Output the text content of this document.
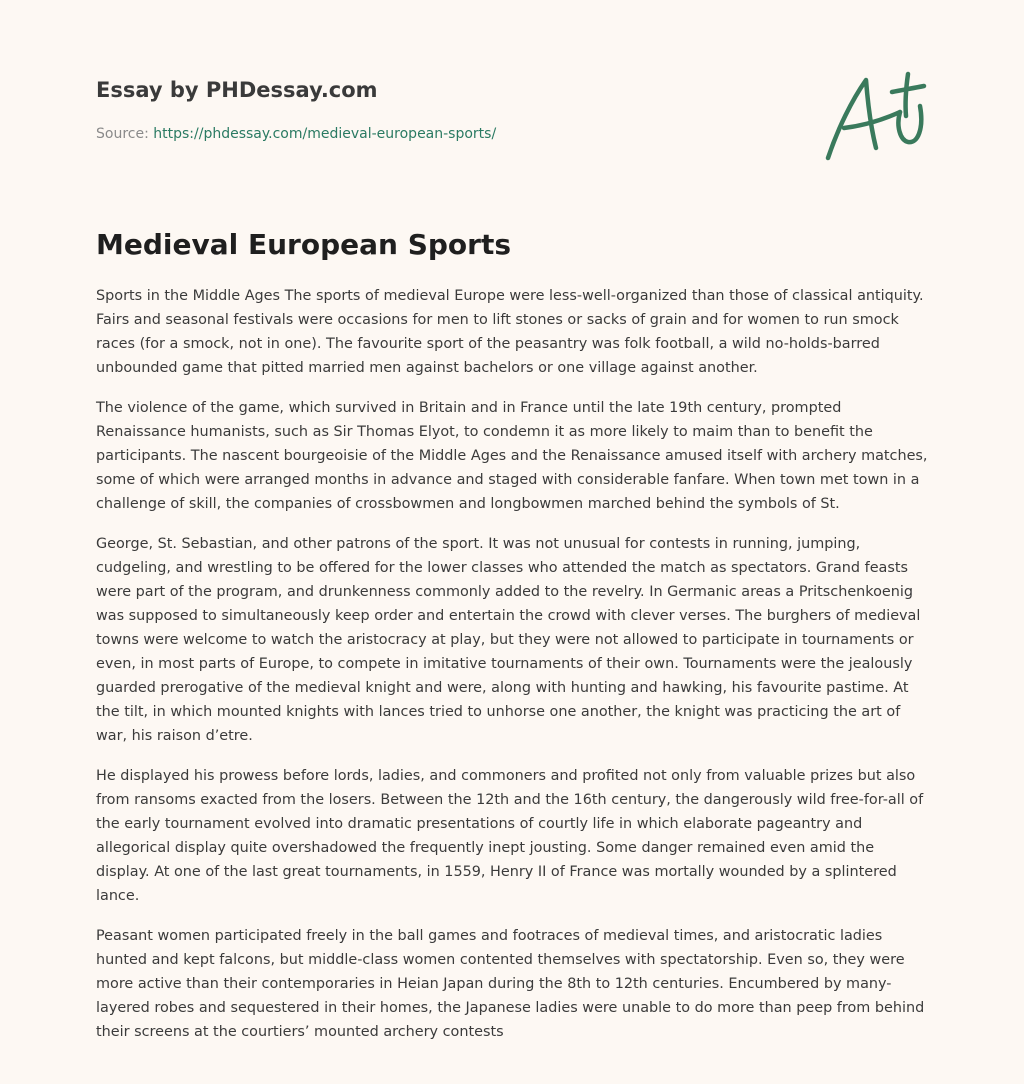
Essay by PHDessay.com

Source: https://phdessay.com/medieval-european-sports/
Medieval European Sports

Sports in the Middle Ages The sports of medieval Europe were less-well-organized than those of classical antiquity. Fairs and seasonal festivals were occasions for men to lift stones or sacks of grain and for women to run smock races (for a smock, not in one). The favourite sport of the peasantry was folk football, a wild no-holds-barred unbounded game that pitted married men against bachelors or one village against another.

The violence of the game, which survived in Britain and in France until the late 19th century, prompted Renaissance humanists, such as Sir Thomas Elyot, to condemn it as more likely to maim than to benefit the participants. The nascent bourgeoisie of the Middle Ages and the Renaissance amused itself with archery matches, some of which were arranged months in advance and staged with considerable fanfare. When town met town in a challenge of skill, the companies of crossbowmen and longbowmen marched behind the symbols of St.

George, St. Sebastian, and other patrons of the sport. It was not unusual for contests in running, jumping, cudgeling, and wrestling to be offered for the lower classes who attended the match as spectators. Grand feasts were part of the program, and drunkenness commonly added to the revelry. In Germanic areas a Pritschenkoenig was supposed to simultaneously keep order and entertain the crowd with clever verses. The burghers of medieval towns were welcome to watch the aristocracy at play, but they were not allowed to participate in tournaments or even, in most parts of Europe, to compete in imitative tournaments of their own. Tournaments were the jealously guarded prerogative of the medieval knight and were, along with hunting and hawking, his favourite pastime. At the tilt, in which mounted knights with lances tried to unhorse one another, the knight was practicing the art of war, his raison d’etre.

He displayed his prowess before lords, ladies, and commoners and profited not only from valuable prizes but also from ransoms exacted from the losers. Between the 12th and the 16th century, the dangerously wild free-for-all of the early tournament evolved into dramatic presentations of courtly life in which elaborate pageantry and allegorical display quite overshadowed the frequently inept jousting. Some danger remained even amid the display. At one of the last great tournaments, in 1559, Henry II of France was mortally wounded by a splintered lance.

Peasant women participated freely in the ball games and footraces of medieval times, and aristocratic ladies hunted and kept falcons, but middle-class women contented themselves with spectatorship. Even so, they were more active than their contemporaries in Heian Japan during the 8th to 12th centuries. Encumbered by many-layered robes and sequestered in their homes, the Japanese ladies were unable to do more than peep from behind their screens at the courtiers’ mounted archery contests
